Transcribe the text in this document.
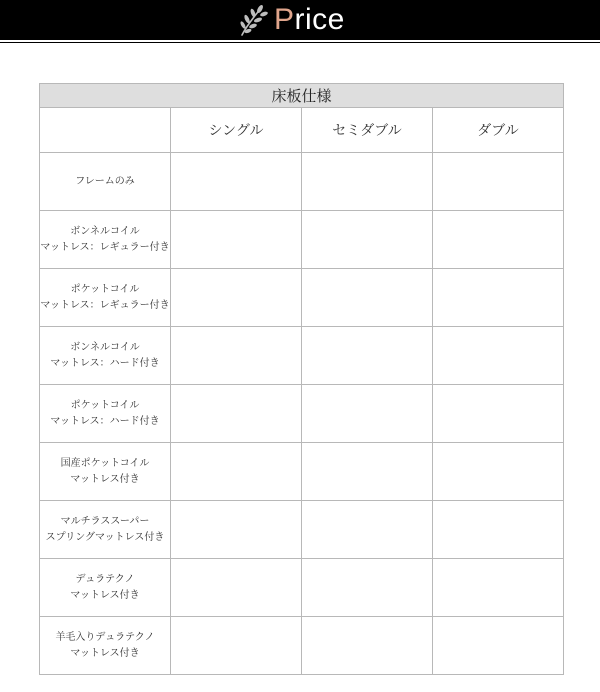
Price
床板仕様			
	シングル	セミダブル	ダブル

フレームのみ			

ボンネルコイル
マットレス：レギュラー付き			

ポケットコイル
マットレス：レギュラー付き			

ボンネルコイル
マットレス：ハード付き			

ポケットコイル
マットレス：ハード付き			

国産ポケットコイル
マットレス付き			

マルチラススーパー
スプリングマットレス付き			

デュラテクノ
マットレス付き			

羊毛入りデュラテクノ
マットレス付き			
